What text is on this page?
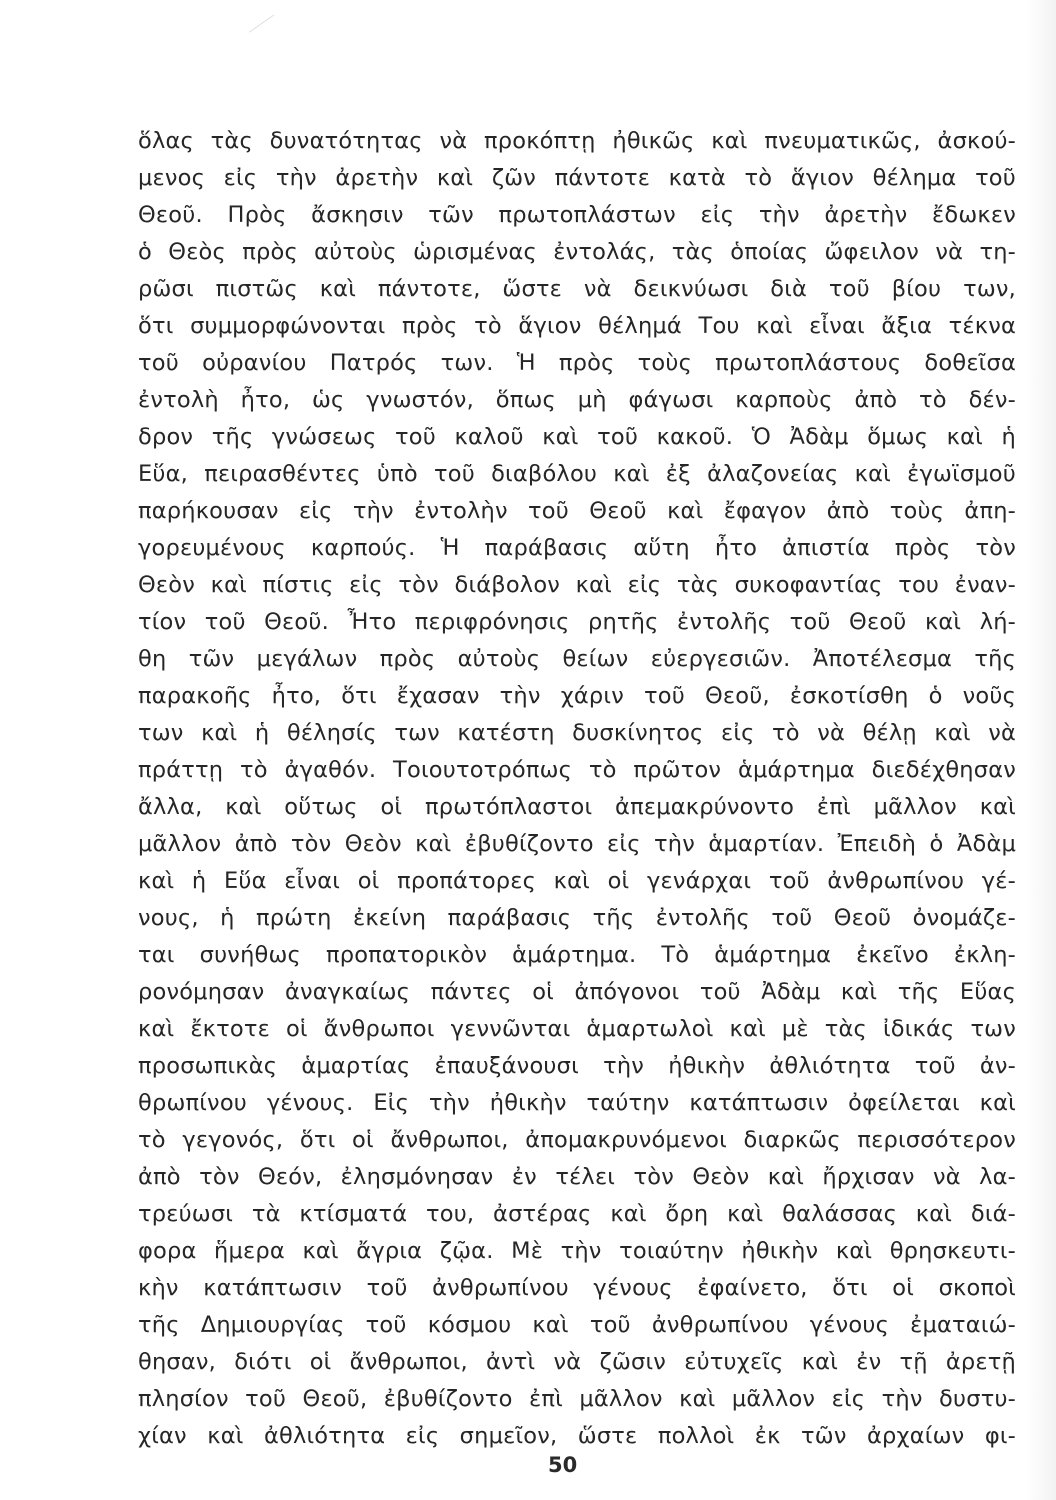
ὅλας τὰς δυνατότητας νὰ προκόπτῃ ἠθικῶς καὶ πνευματικῶς, ἀσκού-
μενος εἰς τὴν ἀρετὴν καὶ ζῶν πάντοτε κατὰ τὸ ἅγιον θέλημα τοῦ
Θεοῦ. Πρὸς ἄσκησιν τῶν πρωτοπλάστων εἰς τὴν ἀρετὴν ἔδωκεν
ὁ Θεὸς πρὸς αὐτοὺς ὡρισμένας ἐντολάς, τὰς ὁποίας ὤφειλον νὰ τη-
ρῶσι πιστῶς καὶ πάντοτε, ὥστε νὰ δεικνύωσι διὰ τοῦ βίου των,
ὅτι συμμορφώνονται πρὸς τὸ ἅγιον θέλημά Του καὶ εἶναι ἄξια τέκνα
τοῦ οὐρανίου Πατρός των. Ἡ πρὸς τοὺς πρωτοπλάστους δοθεῖσα
ἐντολὴ ἦτο, ὡς γνωστόν, ὅπως μὴ φάγωσι καρποὺς ἀπὸ τὸ δέν-
δρον τῆς γνώσεως τοῦ καλοῦ καὶ τοῦ κακοῦ. Ὁ Ἀδὰμ ὅμως καὶ ἡ
Εὕα, πειρασθέντες ὑπὸ τοῦ διαβόλου καὶ ἐξ ἀλαζονείας καὶ ἐγωϊσμοῦ
παρήκουσαν εἰς τὴν ἐντολὴν τοῦ Θεοῦ καὶ ἔφαγον ἀπὸ τοὺς ἀπη-
γορευμένους καρπούς. Ἡ παράβασις αὕτη ἦτο ἀπιστία πρὸς τὸν
Θεὸν καὶ πίστις εἰς τὸν διάβολον καὶ εἰς τὰς συκοφαντίας του ἐναν-
τίον τοῦ Θεοῦ. Ἦτο περιφρόνησις ρητῆς ἐντολῆς τοῦ Θεοῦ καὶ λή-
θη τῶν μεγάλων πρὸς αὐτοὺς θείων εὐεργεσιῶν. Ἀποτέλεσμα τῆς
παρακοῆς ἦτο, ὅτι ἔχασαν τὴν χάριν τοῦ Θεοῦ, ἐσκοτίσθη ὁ νοῦς
των καὶ ἡ θέλησίς των κατέστη δυσκίνητος εἰς τὸ νὰ θέλῃ καὶ νὰ
πράττῃ τὸ ἀγαθόν. Τοιουτοτρόπως τὸ πρῶτον ἁμάρτημα διεδέχθησαν
ἄλλα, καὶ οὕτως οἱ πρωτόπλαστοι ἀπεμακρύνοντο ἐπὶ μᾶλλον καὶ
μᾶλλον ἀπὸ τὸν Θεὸν καὶ ἐβυθίζοντο εἰς τὴν ἁμαρτίαν. Ἐπειδὴ ὁ Ἀδὰμ
καὶ ἡ Εὕα εἶναι οἱ προπάτορες καὶ οἱ γενάρχαι τοῦ ἀνθρωπίνου γέ-
νους, ἡ πρώτη ἐκείνη παράβασις τῆς ἐντολῆς τοῦ Θεοῦ ὀνομάζε-
ται συνήθως προπατορικὸν ἁμάρτημα. Τὸ ἁμάρτημα ἐκεῖνο ἐκλη-
ρονόμησαν ἀναγκαίως πάντες οἱ ἀπόγονοι τοῦ Ἀδὰμ καὶ τῆς Εὕας
καὶ ἔκτοτε οἱ ἄνθρωποι γεννῶνται ἁμαρτωλοὶ καὶ μὲ τὰς ἰδικάς των
προσωπικὰς ἁμαρτίας ἐπαυξάνουσι τὴν ἠθικὴν ἀθλιότητα τοῦ ἀν-
θρωπίνου γένους. Εἰς τὴν ἠθικὴν ταύτην κατάπτωσιν ὀφείλεται καὶ
τὸ γεγονός, ὅτι οἱ ἄνθρωποι, ἀπομακρυνόμενοι διαρκῶς περισσότερον
ἀπὸ τὸν Θεόν, ἐλησμόνησαν ἐν τέλει τὸν Θεὸν καὶ ἤρχισαν νὰ λα-
τρεύωσι τὰ κτίσματά του, ἀστέρας καὶ ὄρη καὶ θαλάσσας καὶ διά-
φορα ἥμερα καὶ ἄγρια ζῷα. Μὲ τὴν τοιαύτην ἠθικὴν καὶ θρησκευτι-
κὴν κατάπτωσιν τοῦ ἀνθρωπίνου γένους ἐφαίνετο, ὅτι οἱ σκοποὶ
τῆς Δημιουργίας τοῦ κόσμου καὶ τοῦ ἀνθρωπίνου γένους ἐματαιώ-
θησαν, διότι οἱ ἄνθρωποι, ἀντὶ νὰ ζῶσιν εὐτυχεῖς καὶ ἐν τῇ ἀρετῇ
πλησίον τοῦ Θεοῦ, ἐβυθίζοντο ἐπὶ μᾶλλον καὶ μᾶλλον εἰς τὴν δυστυ-
χίαν καὶ ἀθλιότητα εἰς σημεῖον, ὥστε πολλοὶ ἐκ τῶν ἀρχαίων φι-
50
